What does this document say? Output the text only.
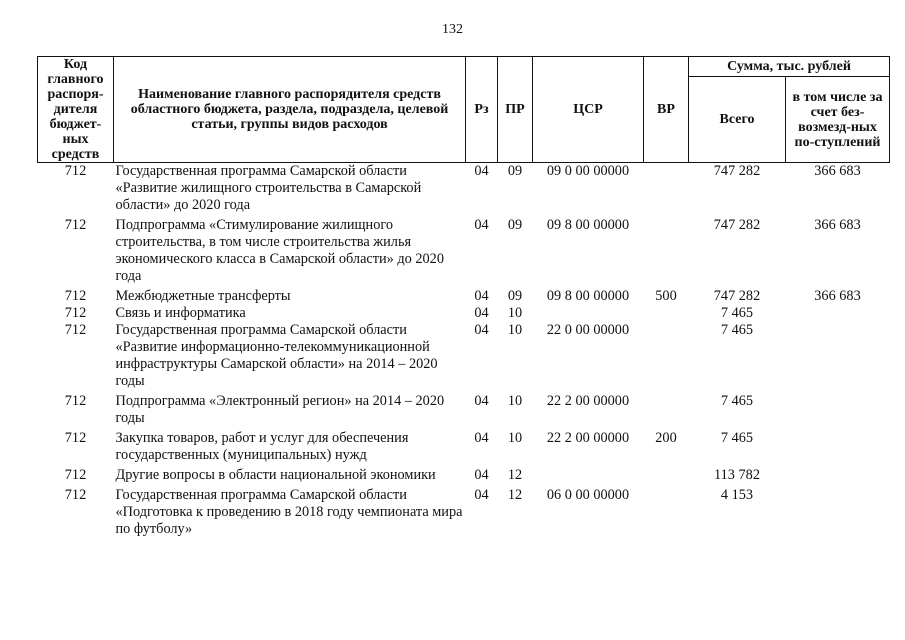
132
Код главного распоря-дителя бюджет-ных средств	Наименование главного распорядителя средств областного бюджета, раздела, подраздела, целевой статьи, группы видов расходов	Рз	ПР	ЦСР	ВР	Сумма, тыс. рублей	
						Всего	в том числе за счет без-возмезд-ных по-ступлений
712	Государственная программа Самарской области «Развитие жилищного строительства в Самарской области» до 2020 года	04	09	09 0 00 00000		747 282	366 683
712	Подпрограмма «Стимулирование жилищного строительства, в том числе строительства жилья экономического класса в Самарской области» до 2020 года	04	09	09 8 00 00000		747 282	366 683
712	Межбюджетные трансферты	04	09	09 8 00 00000	500	747 282	366 683
712	Связь и информатика	04	10			7 465	
712	Государственная программа Самарской области «Развитие информационно-телекоммуникационной инфраструктуры Самарской области» на 2014 – 2020 годы	04	10	22 0 00 00000		7 465	
712	Подпрограмма «Электронный регион» на 2014 – 2020 годы	04	10	22 2 00 00000		7 465	
712	Закупка товаров, работ и услуг для обеспечения государственных (муниципальных) нужд	04	10	22 2 00 00000	200	7 465	
712	Другие вопросы в области национальной экономики	04	12			113 782	
712	Государственная программа Самарской области «Подготовка к проведению в 2018 году чемпионата мира по футболу»	04	12	06 0 00 00000		4 153	
